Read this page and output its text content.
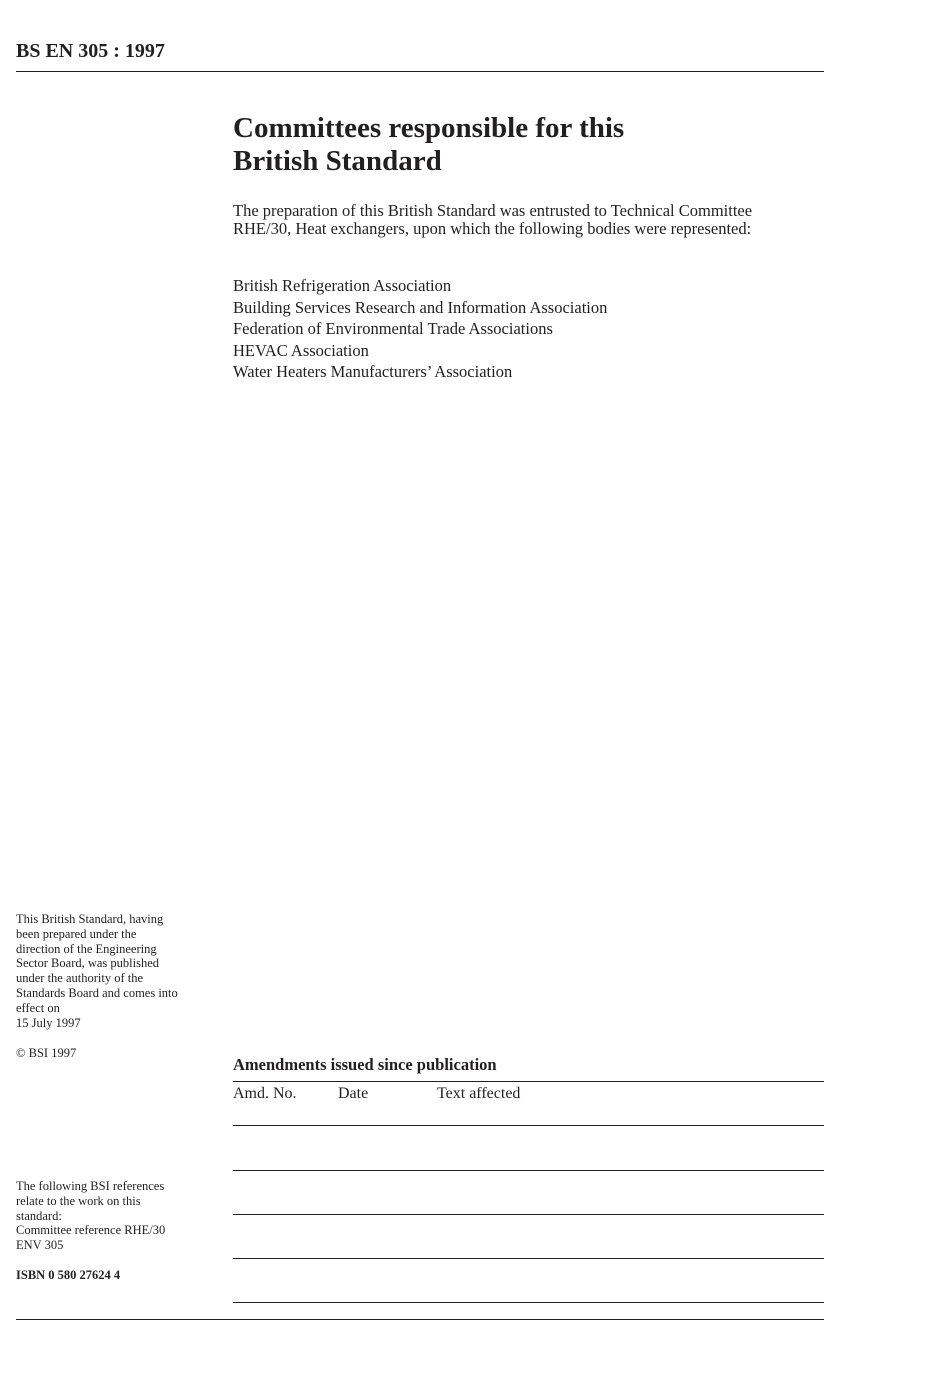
BS EN 305 : 1997
Committees responsible for this
British Standard
The preparation of this British Standard was entrusted to Technical Committee
RHE/30, Heat exchangers, upon which the following bodies were represented:
British Refrigeration Association
Building Services Research and Information Association
Federation of Environmental Trade Associations
HEVAC Association
Water Heaters Manufacturers’ Association
This British Standard, having
been prepared under the
direction of the Engineering
Sector Board, was published
under the authority of the
Standards Board and comes into
effect on
15 July 1997
© BSI 1997
The following BSI references
relate to the work on this
standard:
Committee reference RHE/30
ENV 305
ISBN 0 580 27624 4
Amendments issued since publication
Amd. No.	Date	Text affected
